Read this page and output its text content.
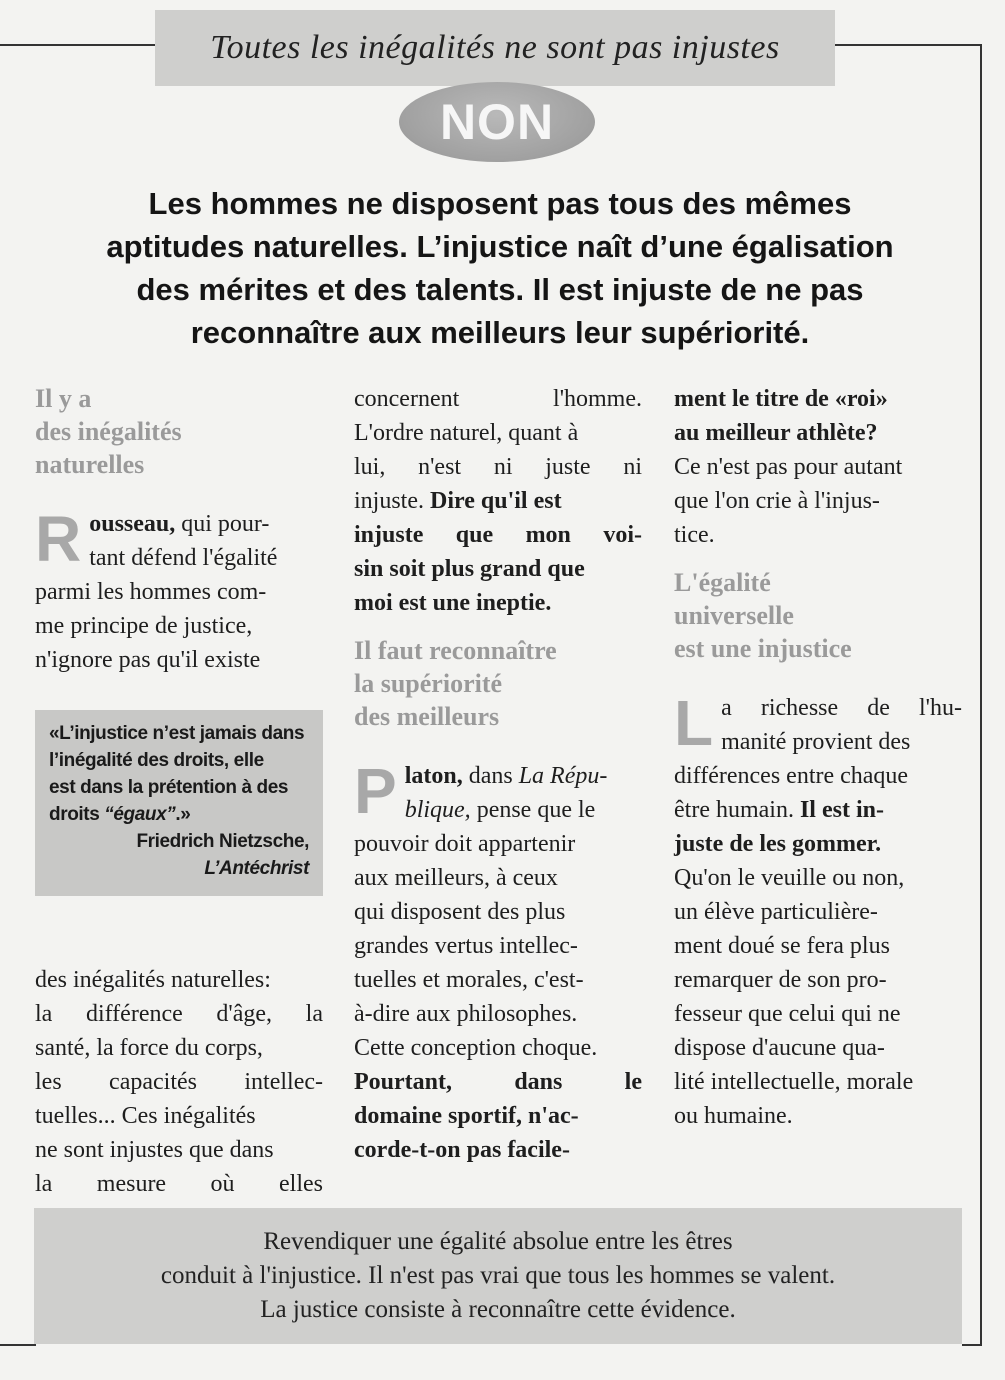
Toutes les inégalités ne sont pas injustes
NON
Les hommes ne disposent pas tous des mêmes
aptitudes naturelles. L’injustice naît d’une égalisation
des mérites et des talents. Il est injuste de ne pas
reconnaître aux meilleurs leur supériorité.
Il y a
des inégalités
naturelles
R ousseau, qui pour-
tant défend l'égalité
parmi les hommes com-
me principe de justice,
n'ignore pas qu'il existe
des inégalités naturelles:
la différence d'âge, la
santé, la force du corps,
les capacités intellec-
tuelles... Ces inégalités
ne sont injustes que dans
la mesure où elles
«L’injustice n’est jamais dans
l’inégalité des droits, elle
est dans la prétention à des
droits “égaux”.»
Friedrich Nietzsche,
L’Antéchrist
concernent l'homme.
L'ordre naturel, quant à
lui, n'est ni juste ni
injuste. Dire qu'il est
injuste que mon voi-
sin soit plus grand que
moi est une ineptie.
Il faut reconnaître
la supériorité
des meilleurs
P laton, dans La Répu-
blique, pense que le
pouvoir doit appartenir
aux meilleurs, à ceux
qui disposent des plus
grandes vertus intellec-
tuelles et morales, c'est-
à-dire aux philosophes.
Cette conception choque.
Pourtant, dans le
domaine sportif, n'ac-
corde-t-on pas facile-
ment le titre de «roi»
au meilleur athlète?
Ce n'est pas pour autant
que l'on crie à l'injus-
tice.
L'égalité
universelle
est une injustice
L a richesse de l'hu-
manité provient des
différences entre chaque
être humain. Il est in-
juste de les gommer.
Qu'on le veuille ou non,
un élève particulière-
ment doué se fera plus
remarquer de son pro-
fesseur que celui qui ne
dispose d'aucune qua-
lité intellectuelle, morale
ou humaine.
Revendiquer une égalité absolue entre les êtres
conduit à l'injustice. Il n'est pas vrai que tous les hommes se valent.
La justice consiste à reconnaître cette évidence.
